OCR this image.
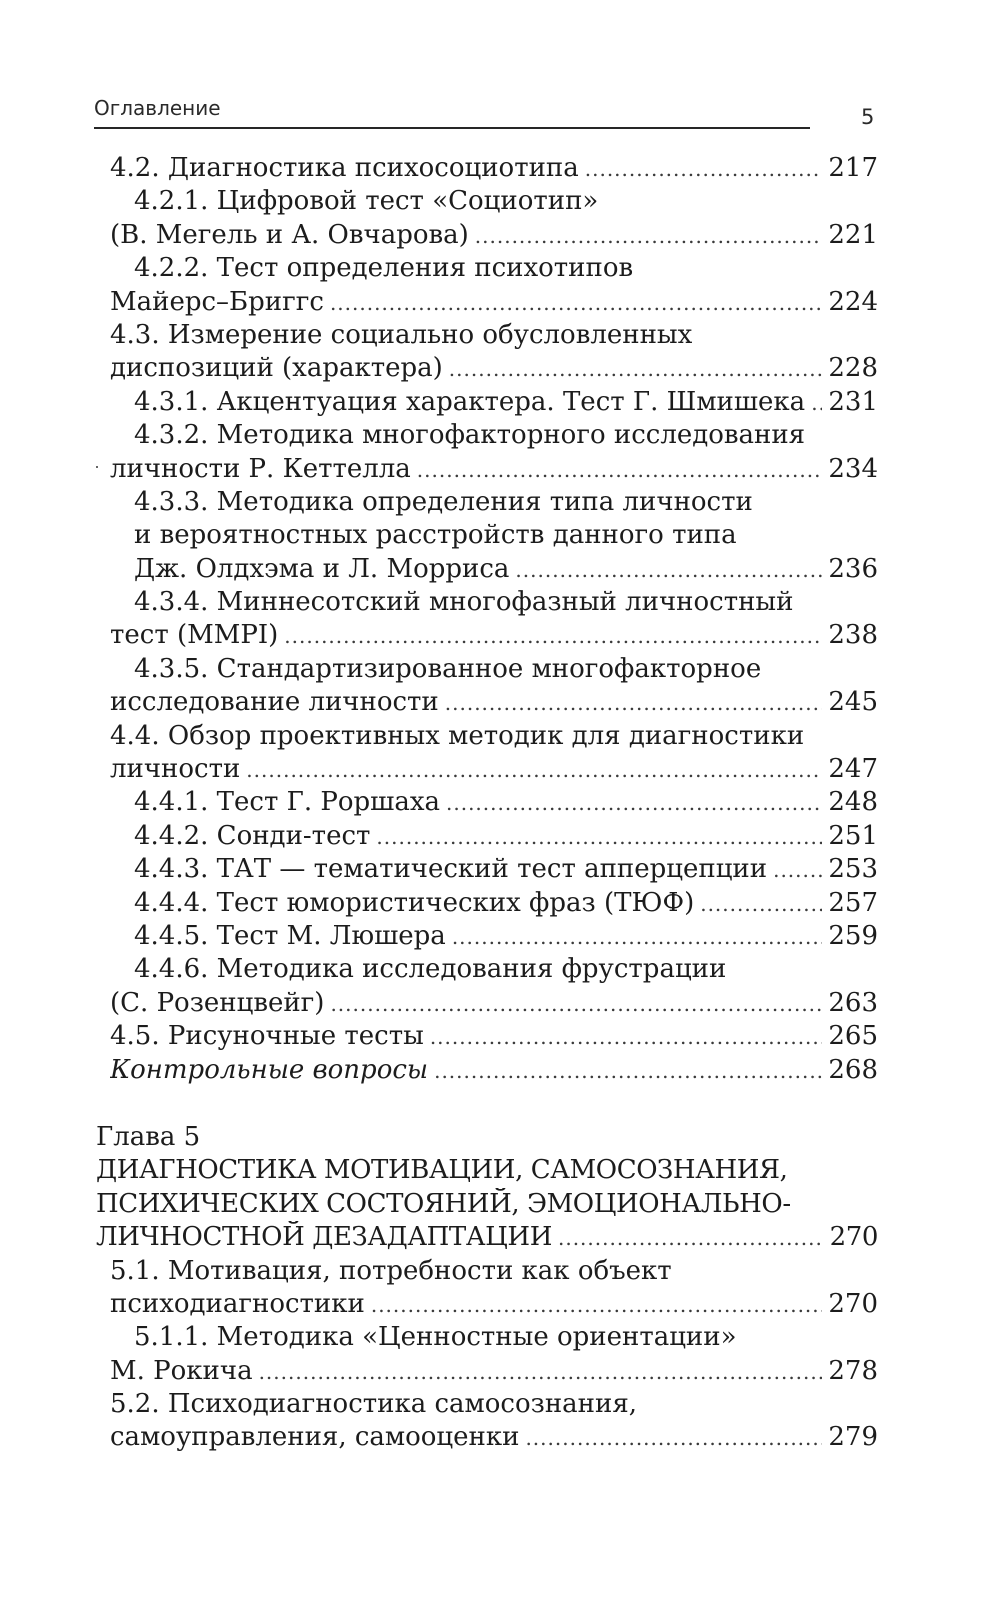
Оглавление	5
4.2. Диагностика психосоциотипа .....	217
4.2.1. Цифровой тест «Социотип»
(В. Мегель и А. Овчарова) .....	221
4.2.2. Тест определения психотипов
Майерс–Бриггс .....	224
4.3. Измерение социально обусловленных
диспозиций (характера) .....	228
4.3.1. Акцентуация характера. Тест Г. Шмишека ..... 231
4.3.2. Методика многофакторного исследования
личности Р. Кеттелла .....	234
4.3.3. Методика определения типа личности
и вероятностных расстройств данного типа
Дж. Олдхэма и Л. Морриса .....	236
4.3.4. Миннесотский многофазный личностный
тест (MMPI) .....	238
4.3.5. Стандартизированное многофакторное
исследование личности .....	245
4.4. Обзор проективных методик для диагностики
личности .....	247
4.4.1. Тест Г. Роршаха .....	248
4.4.2. Сонди-тест .....	251
4.4.3. ТАТ — тематический тест апперцепции ..... 253
4.4.4. Тест юмористических фраз (ТЮФ) .....	257
4.4.5. Тест М. Люшера .....	259
4.4.6. Методика исследования фрустрации
(С. Розенцвейг) .....	263
4.5. Рисуночные тесты .....	265
Контрольные вопросы .....	268
Глава 5
ДИАГНОСТИКА МОТИВАЦИИ, САМОСОЗНАНИЯ,
ПСИХИЧЕСКИХ СОСТОЯНИЙ, ЭМОЦИОНАЛЬНО-
ЛИЧНОСТНОЙ ДЕЗАДАПТАЦИИ .....	270
5.1. Мотивация, потребности как объект
психодиагностики .....	270
5.1.1. Методика «Ценностные ориентации»
М. Рокича .....	278
5.2. Психодиагностика самосознания,
самоуправления, самооценки .....	279
